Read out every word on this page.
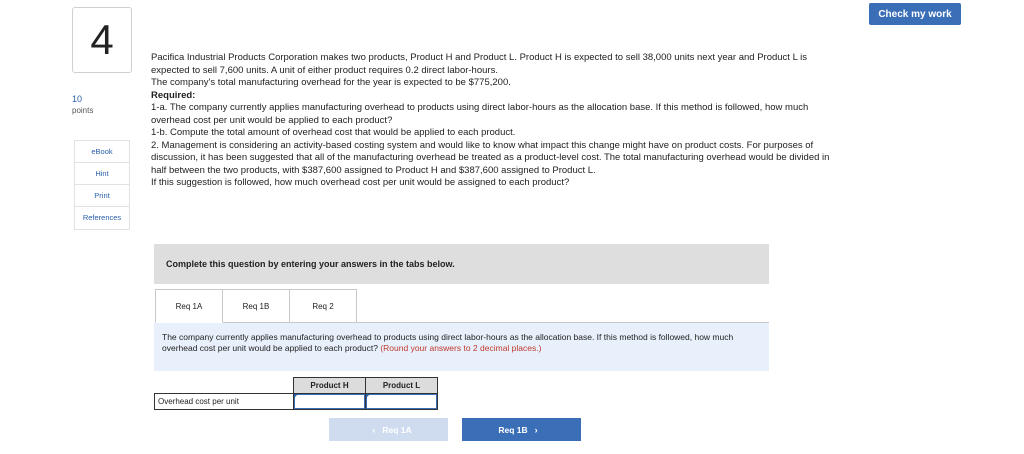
Check my work
4
10
points
eBook
Hint
Print
References

Pacifica Industrial Products Corporation makes two products, Product H and Product L. Product H is expected to sell 38,000 units next year and Product L is expected to sell 7,600 units. A unit of either product requires 0.2 direct labor-hours.

The company's total manufacturing overhead for the year is expected to be $775,200.

Required:

1-a. The company currently applies manufacturing overhead to products using direct labor-hours as the allocation base. If this method is followed, how much overhead cost per unit would be applied to each product?

1-b. Compute the total amount of overhead cost that would be applied to each product.

2. Management is considering an activity-based costing system and would like to know what impact this change might have on product costs. For purposes of discussion, it has been suggested that all of the manufacturing overhead be treated as a product-level cost. The total manufacturing overhead would be divided in half between the two products, with $387,600 assigned to Product H and $387,600 assigned to Product L.

If this suggestion is followed, how much overhead cost per unit would be assigned to each product?

Complete this question by entering your answers in the tabs below.
Req 1A	Req 1B	Req 2
The company currently applies manufacturing overhead to products using direct labor-hours as the allocation base. If this method is followed, how much overhead cost per unit would be applied to each product? (Round your answers to 2 decimal places.)
	Product H	Product L
Overhead cost per unit	

‹ Req 1A	Req 1B ›
